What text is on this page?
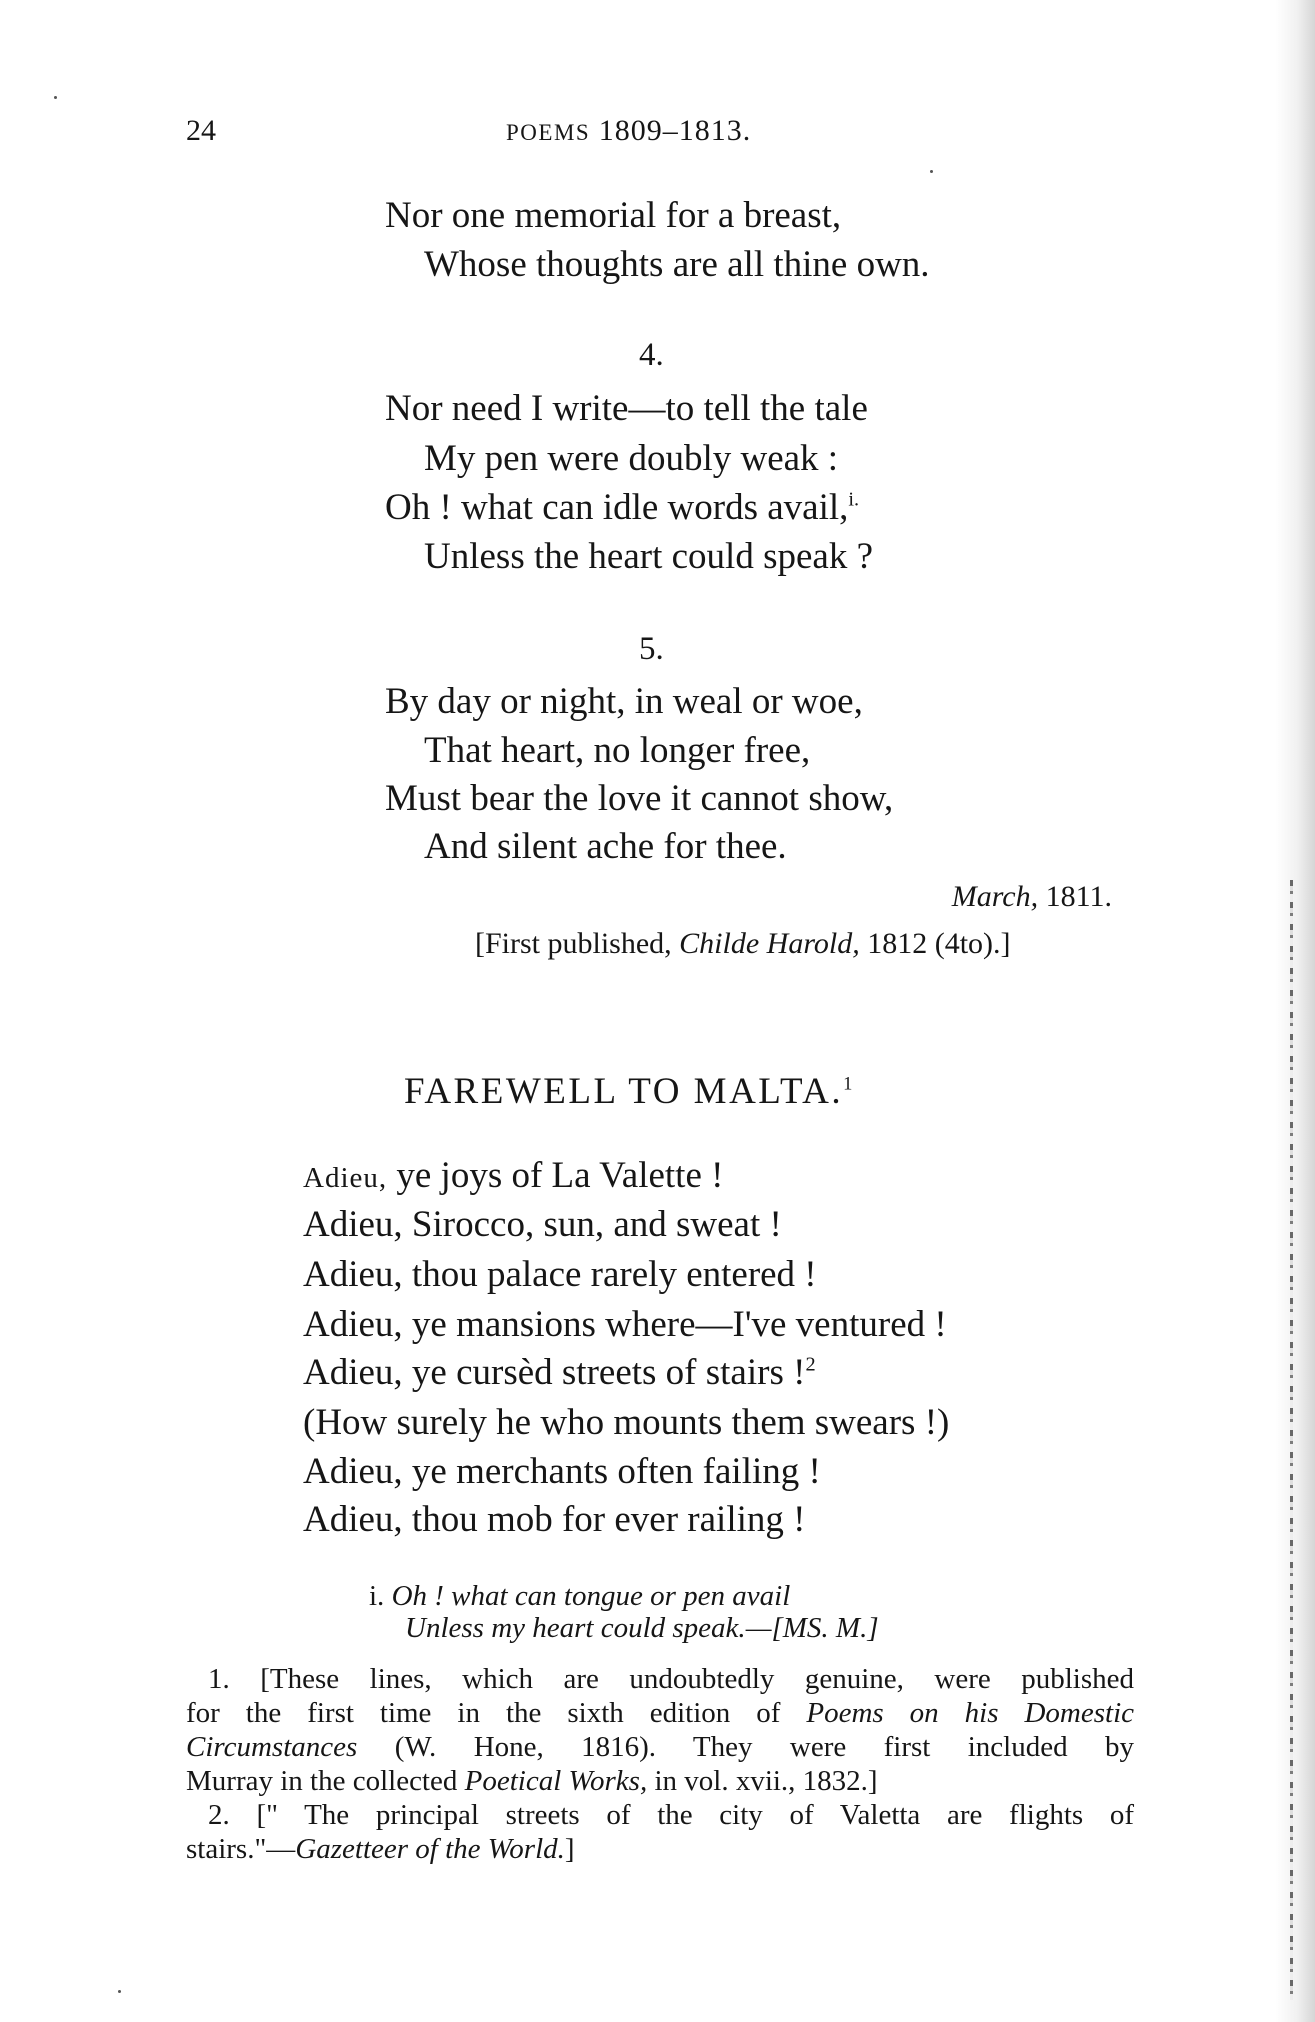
24	POEMS 1809–1813.
Nor one memorial for a breast,
Whose thoughts are all thine own.
4.
Nor need I write—to tell the tale
My pen were doubly weak :
Oh ! what can idle words avail,$^{i.}$
Unless the heart could speak ?
5.
By day or night, in weal or woe,
That heart, no longer free,
Must bear the love it cannot show,
And silent ache for thee.
March, 1811.
[First published, Childe Harold, 1812 (4to).]
FAREWELL TO MALTA.$^1$
Adieu, ye joys of La Valette !
Adieu, Sirocco, sun, and sweat !
Adieu, thou palace rarely entered !
Adieu, ye mansions where—I've ventured !
Adieu, ye cursèd streets of stairs !$^2$
(How surely he who mounts them swears !)
Adieu, ye merchants often failing !
Adieu, thou mob for ever railing !
i. Oh ! what can tongue or pen avail
Unless my heart could speak.—[MS. M.]
1. [These lines, which are undoubtedly genuine, were published
for the first time in the sixth edition of Poems on his Domestic
Circumstances (W. Hone, 1816). They were first included by
Murray in the collected Poetical Works, in vol. xvii., 1832.]
2. [" The principal streets of the city of Valetta are flights of
stairs."—Gazetteer of the World.]
